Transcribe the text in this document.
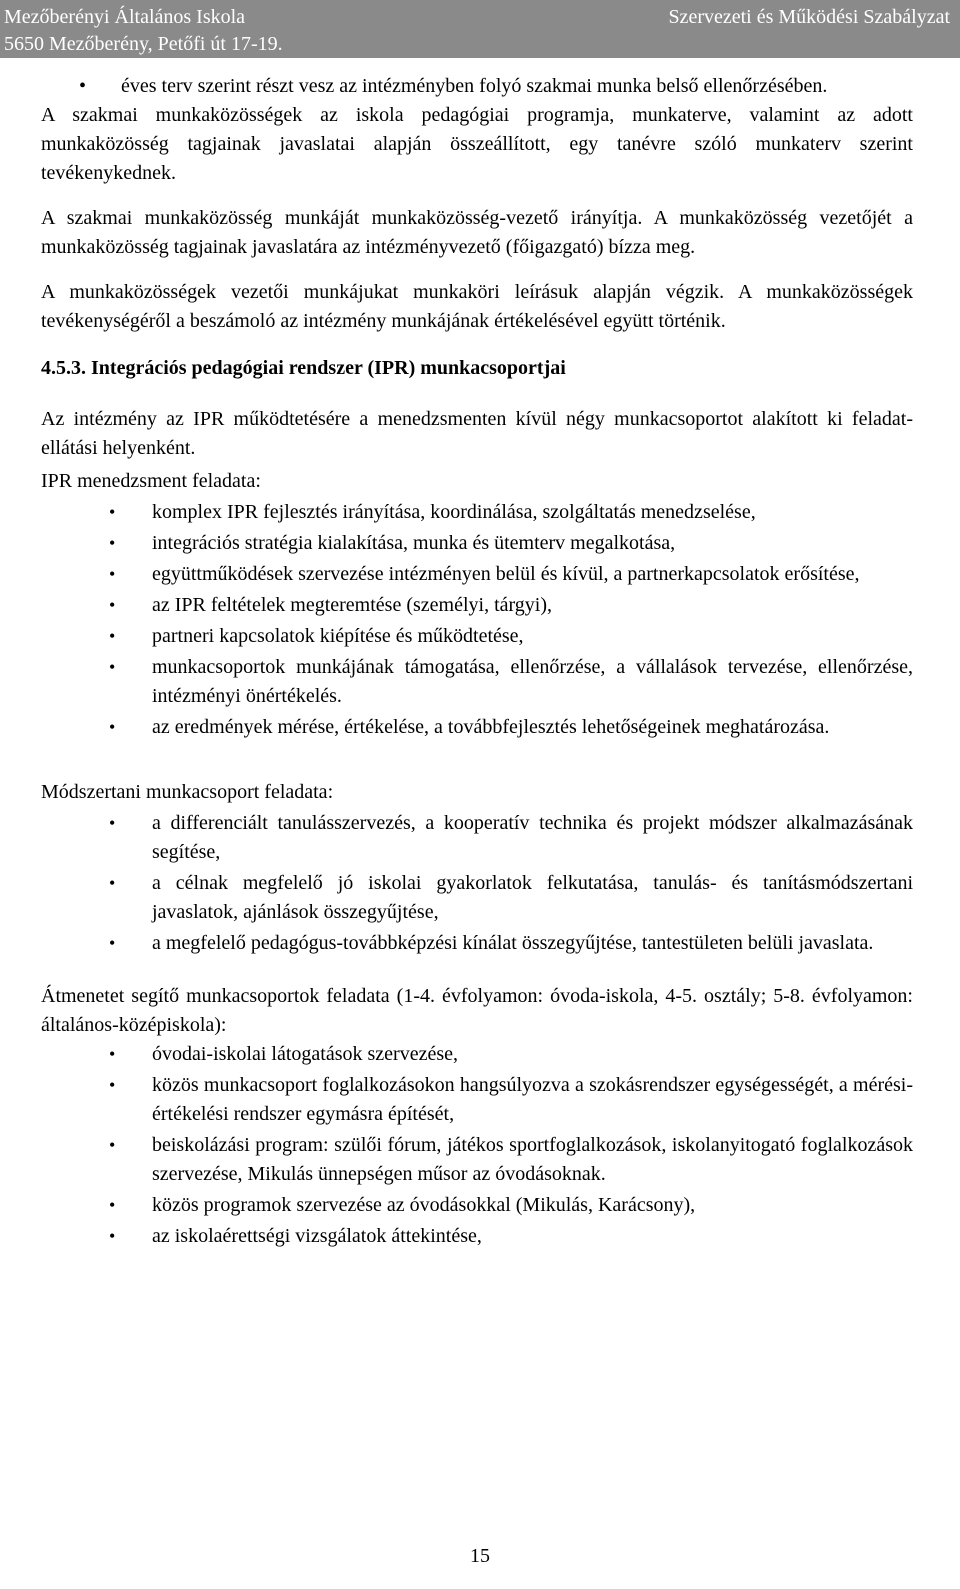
Mezőberényi Általános Iskola
5650 Mezőberény, Petőfi út 17-19.
Szervezeti és Működési Szabályzat

• éves terv szerint részt vesz az intézményben folyó szakmai munka belső ellenőrzésében.

A szakmai munkaközösségek az iskola pedagógiai programja, munkaterve, valamint az adott munkaközösség tagjainak javaslatai alapján összeállított, egy tanévre szóló munkaterv szerint tevékenykednek.

A szakmai munkaközösség munkáját munkaközösség-vezető irányítja. A munkaközösség vezetőjét a munkaközösség tagjainak javaslatára az intézményvezető (főigazgató) bízza meg.

A munkaközösségek vezetői munkájukat munkaköri leírásuk alapján végzik. A munkaközösségek tevékenységéről a beszámoló az intézmény munkájának értékelésével együtt történik.

4.5.3. Integrációs pedagógiai rendszer (IPR) munkacsoportjai

Az intézmény az IPR működtetésére a menedzsmenten kívül négy munkacsoportot alakított ki feladat-ellátási helyenként.

IPR menedzsment feladata:

• komplex IPR fejlesztés irányítása, koordinálása, szolgáltatás menedzselése,
• integrációs stratégia kialakítása, munka és ütemterv megalkotása,
• együttműködések szervezése intézményen belül és kívül, a partnerkapcsolatok erősítése,
• az IPR feltételek megteremtése (személyi, tárgyi),
• partneri kapcsolatok kiépítése és működtetése,
• munkacsoportok munkájának támogatása, ellenőrzése, a vállalások tervezése, ellenőrzése, intézményi önértékelés.
• az eredmények mérése, értékelése, a továbbfejlesztés lehetőségeinek meghatározása.

Módszertani munkacsoport feladata:

• a differenciált tanulásszervezés, a kooperatív technika és projekt módszer alkalmazásának segítése,
• a célnak megfelelő jó iskolai gyakorlatok felkutatása, tanulás- és tanításmódszertani javaslatok, ajánlások összegyűjtése,
• a megfelelő pedagógus-továbbképzési kínálat összegyűjtése, tantestületen belüli javaslata.

Átmenetet segítő munkacsoportok feladata (1-4. évfolyamon: óvoda-iskola, 4-5. osztály; 5-8. évfolyamon: általános-középiskola):

• óvodai-iskolai látogatások szervezése,
• közös munkacsoport foglalkozásokon hangsúlyozva a szokásrendszer egységességét, a mérési-értékelési rendszer egymásra építését,
• beiskolázási program: szülői fórum, játékos sportfoglalkozások, iskolanyitogató foglalkozások szervezése, Mikulás ünnepségen műsor az óvodásoknak.
• közös programok szervezése az óvodásokkal (Mikulás, Karácsony),
• az iskolaérettségi vizsgálatok áttekintése,
15
